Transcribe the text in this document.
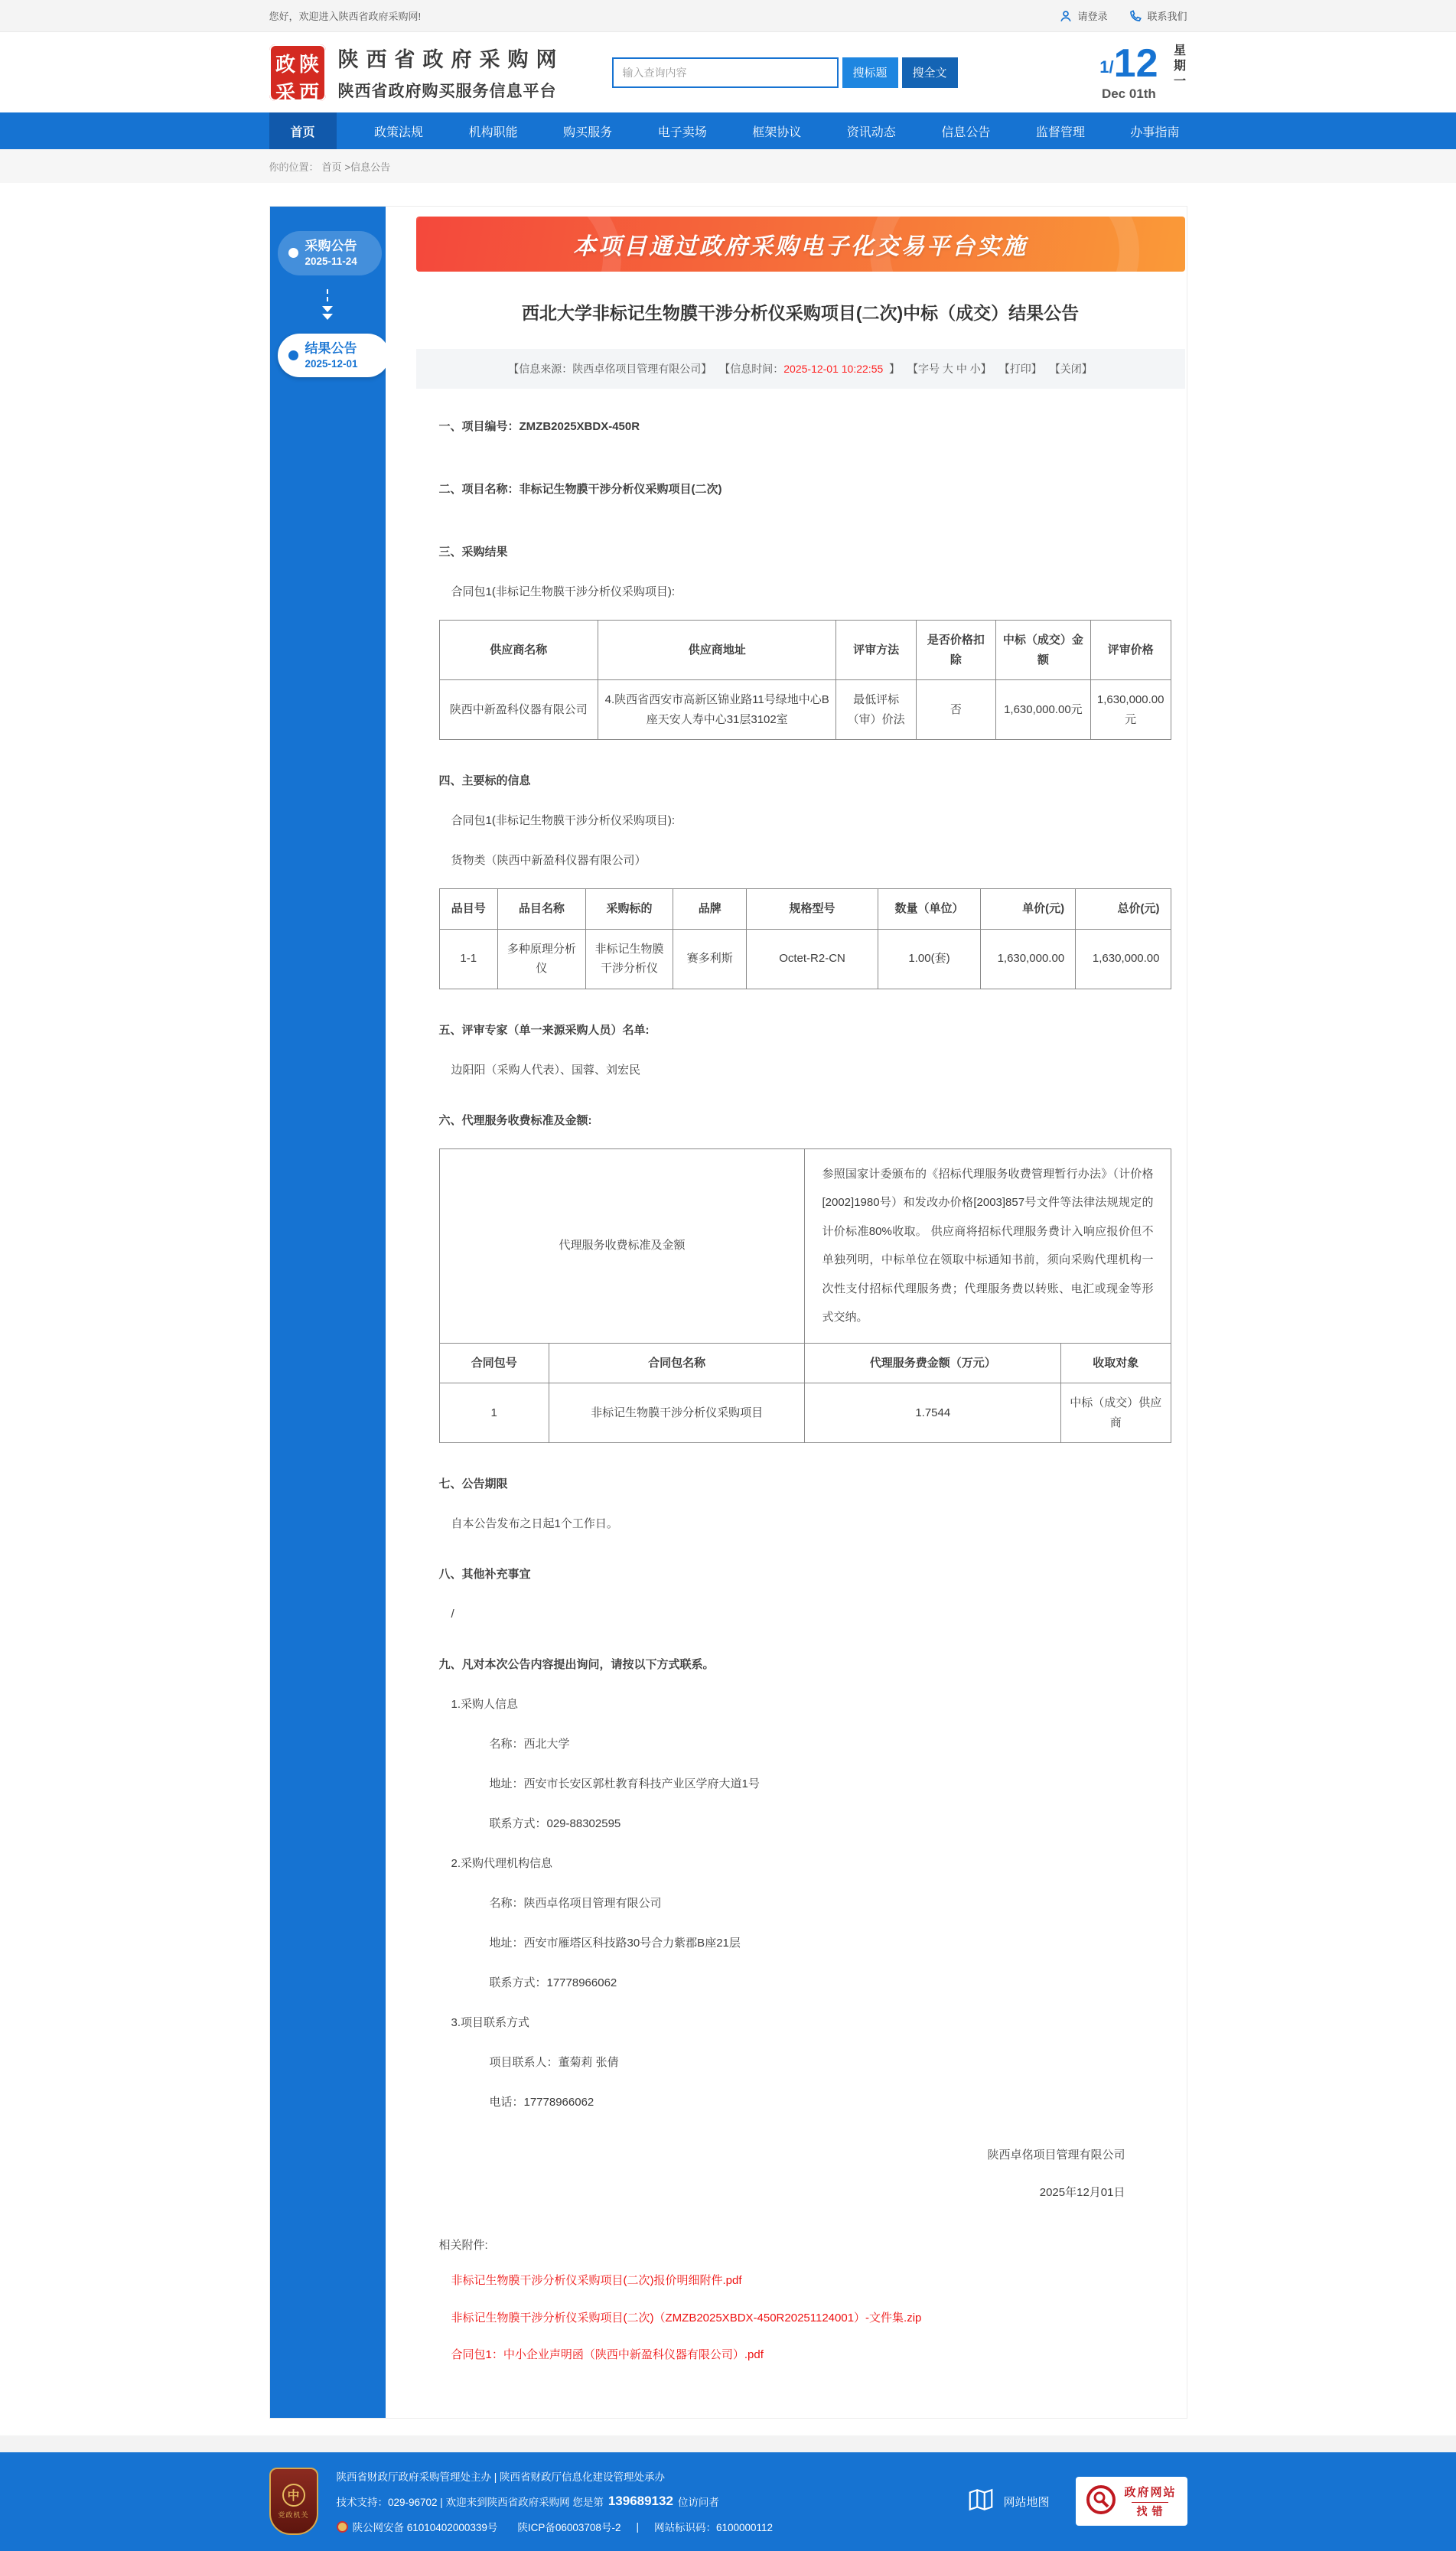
您好，欢迎进入陕西省政府采购网!	请登录	联系我们
政 陕
采 西
陕西省政府采购网
陕西省政府购买服务信息平台
输入查询内容
搜标题	搜全文	1/ 12
Dec 01th
星期一
首页	政策法规	机构职能	购买服务	电子卖场	框架协议	资讯动态	信息公告	监督管理	办事指南
你的位置： 首页 >信息公告
采购公告
2025-11-24
结果公告
2025-12-01
本项目通过政府采购电子化交易平台实施
西北大学非标记生物膜干涉分析仪采购项目(二次)中标（成交）结果公告
【信息来源：陕西卓佲项目管理有限公司】 【信息时间：2025-12-01 10:22:55 】 【字号 大 中 小】 【打印】 【关闭】
一、项目编号：ZMZB2025XBDX-450R
二、项目名称：非标记生物膜干涉分析仪采购项目(二次)
三、采购结果
合同包1(非标记生物膜干涉分析仪采购项目):
供应商名称	供应商地址	评审方法	是否价格扣除	中标（成交）金额	评审价格
陕西中新盈科仪器有限公司	4.陕西省西安市高新区锦业路11号绿地中心B座天安人寿中心31层3102室	最低评标（审）价法	否	1,630,000.00元	1,630,000.00元
四、主要标的信息
合同包1(非标记生物膜干涉分析仪采购项目):
货物类（陕西中新盈科仪器有限公司）
品目号	品目名称	采购标的	品牌	规格型号	数量（单位）	单价(元)	总价(元)
1-1	多种原理分析仪	非标记生物膜干涉分析仪	赛多利斯	Octet-R2-CN	1.00(套)	1,630,000.00	1,630,000.00
五、评审专家（单一来源采购人员）名单:
边阳阳（采购人代表）、国蓉、刘宏民
六、代理服务收费标准及金额:
代理服务收费标准及金额		参照国家计委颁布的《招标代理服务收费管理暂行办法》（计价格[2002]1980号）和发改办价格[2003]857号文件等法律法规规定的计价标准80%收取。 供应商将招标代理服务费计入响应报价但不单独列明，中标单位在领取中标通知书前，须向采购代理机构一次性支付招标代理服务费；代理服务费以转账、电汇或现金等形式交纳。	
合同包号	合同包名称	代理服务费金额（万元）	收取对象
1	非标记生物膜干涉分析仪采购项目	1.7544	中标（成交）供应商
七、公告期限
自本公告发布之日起1个工作日。
八、其他补充事宜
/
九、凡对本次公告内容提出询问，请按以下方式联系。
1.采购人信息
名称：西北大学
地址：西安市长安区郭杜教育科技产业区学府大道1号
联系方式：029-88302595
2.采购代理机构信息
名称：陕西卓佲项目管理有限公司
地址：西安市雁塔区科技路30号合力紫郡B座21层
联系方式：17778966062
3.项目联系方式
项目联系人：董菊莉 张倩
电话：17778966062
陕西卓佲项目管理有限公司
2025年12月01日
相关附件:
非标记生物膜干涉分析仪采购项目(二次)报价明细附件.pdf
非标记生物膜干涉分析仪采购项目(二次)（ZMZB2025XBDX-450R20251124001）-文件集.zip
合同包1：中小企业声明函（陕西中新盈科仪器有限公司）.pdf
中
党政机关
陕西省财政厅政府采购管理处主办 | 陕西省财政厅信息化建设管理处承办
技术支持：029-96702 | 欢迎来到陕西省政府采购网 您是第 139689132 位访问者
陕公网安备 61010402000339号 陕ICP备06003708号-2 | 网站标识码：6100000112
网站地图
政府网站
找错
